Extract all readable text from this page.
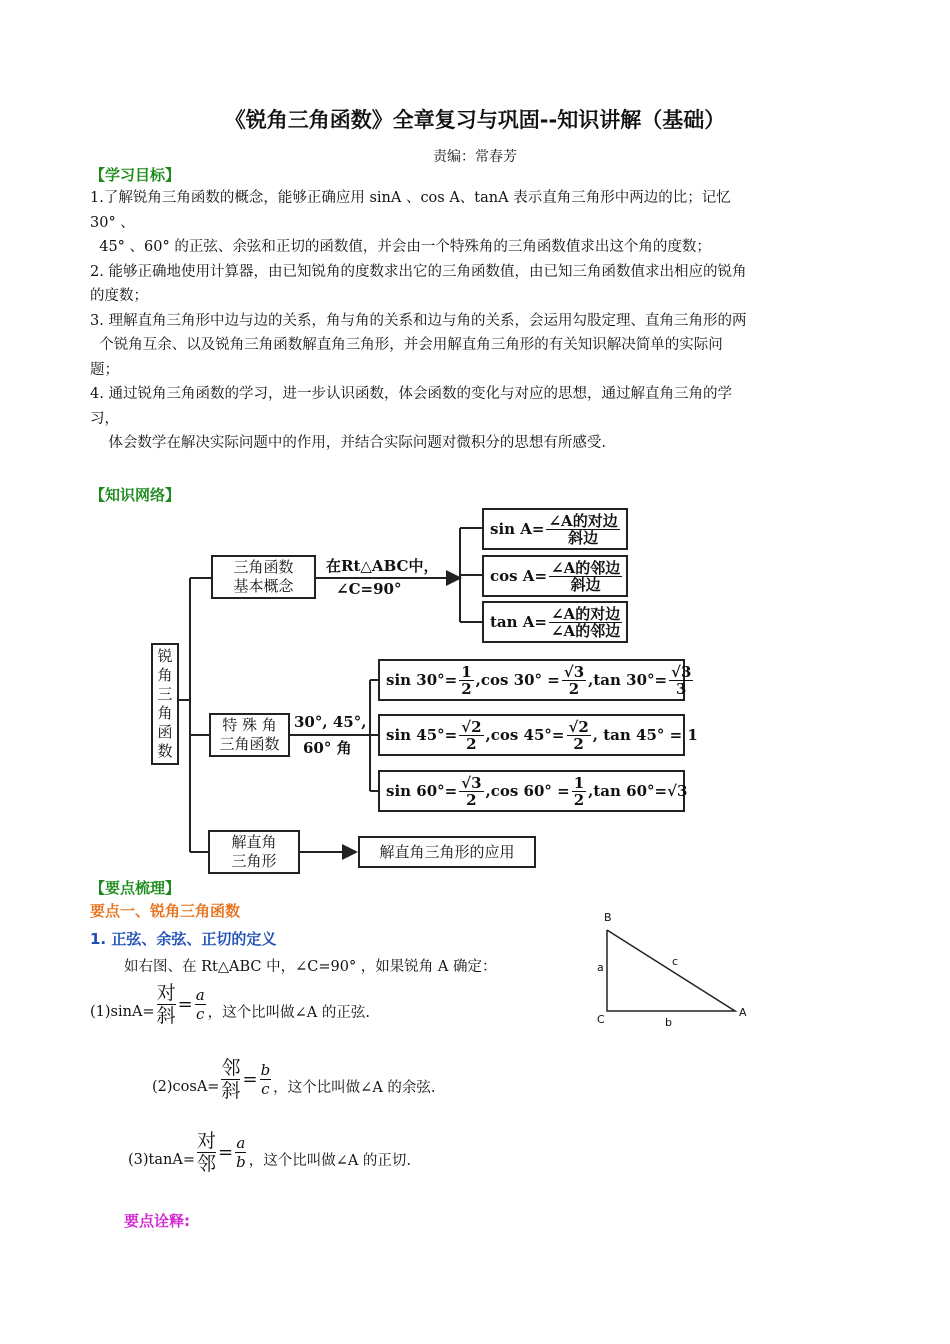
《锐角三角函数》全章复习与巩固--知识讲解（基础）
责编：常春芳
【学习目标】
1.了解锐角三角函数的概念，能够正确应用 sinA 、cos A、tanA 表示直角三角形中两边的比；记忆
30° 、
45° 、60° 的正弦、余弦和正切的函数值，并会由一个特殊角的三角函数值求出这个角的度数；
2. 能够正确地使用计算器，由已知锐角的度数求出它的三角函数值，由已知三角函数值求出相应的锐角
的度数；
3. 理解直角三角形中边与边的关系，角与角的关系和边与角的关系，会运用勾股定理、直角三角形的两
个锐角互余、以及锐角三角函数解直角三角形，并会用解直角三角形的有关知识解决简单的实际问
题；
4. 通过锐角三角函数的学习，进一步认识函数，体会函数的变化与对应的思想，通过解直角三角的学
习，
体会数学在解决实际问题中的作用，并结合实际问题对微积分的思想有所感受.
【知识网络】
锐
角
三
角
函
数
三角函数
基本概念
在Rt△ABC中，
∠C=90°
$\sin A= \frac{\text{∠A的对边}}{\text{斜边}}$
$\cos A= \frac{\text{∠A的邻边}}{\text{斜边}}$
$\tan A= \frac{\text{∠A的对边}}{\text{∠A的邻边}}$
特 殊 角
三角函数
30°, 45°,
60° 角
$\sin 30^\circ= \frac{1}{2} ,\cos$ $30^\circ = \frac{√3}{2} ,\tan$ $30^\circ= \frac{√3}{3}$
$\sin 45^\circ= \frac{√2}{2} ,\cos$ $45^\circ= \frac{√2}{2}$ , tan 45° = 1
$\sin 60^\circ= \frac{√3}{2} ,\cos$ $60^\circ = \frac{1}{2} ,\tan$ 60°=√3
解直角
三角形
解直角三角形的应用
【要点梳理】
要点一、锐角三角函数
1. 正弦、余弦、正切的定义
如右图、在 Rt△ABC 中，∠C=90° ，如果锐角 A 确定：
(1)sinA=
对
斜
= $\frac{a}{c}$ ，这个比叫做∠A 的正弦.
(2)cosA=
邻
斜
= $\frac{b}{c}$ ，这个比叫做∠A 的余弦.
(3)tanA=
对
邻
= $\frac{a}{b}$ ，这个比叫做∠A 的正切.
要点诠释:
B
C
A
a
b
c
